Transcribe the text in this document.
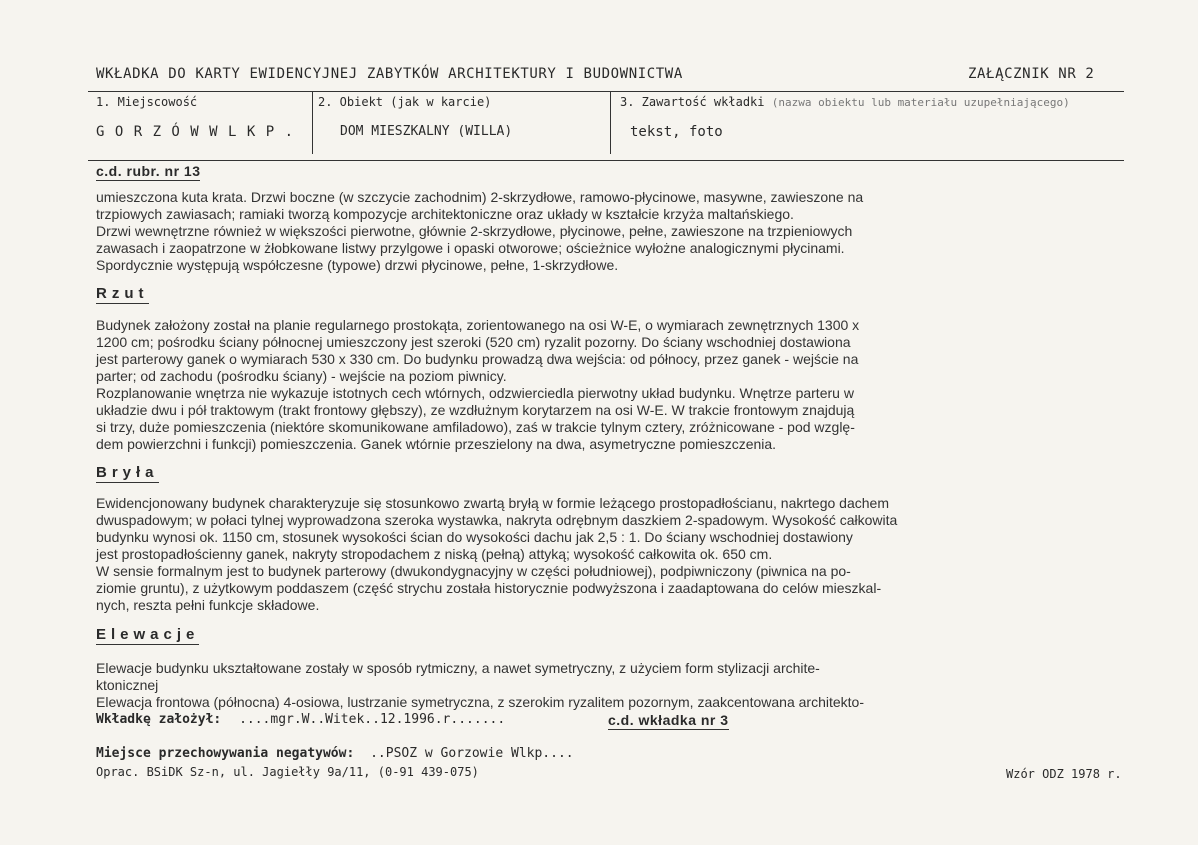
WKŁADKA DO KARTY EWIDENCYJNEJ ZABYTKÓW ARCHITEKTURY I BUDOWNICTWA	ZAŁĄCZNIK NR 2
1. Miejscowość
G O R Z Ó W W L K P .
2. Obiekt (jak w karcie)
DOM MIESZKALNY (WILLA)
3. Zawartość wkładki (nazwa obiektu lub materiału uzupełniającego)
tekst, foto
c.d. rubr. nr 13
umieszczona kuta krata. Drzwi boczne (w szczycie zachodnim) 2-skrzydłowe, ramowo-płycinowe, masywne, zawieszone na
trzpiowych zawiasach; ramiaki tworzą kompozycje architektoniczne oraz układy w kształcie krzyża maltańskiego.
Drzwi wewnętrzne również w większości pierwotne, głównie 2-skrzydłowe, płycinowe, pełne, zawieszone na trzpieniowych
zawasach i zaopatrzone w żłobkowane listwy przylgowe i opaski otworowe; ościeżnice wyłożne analogicznymi płycinami.
Spordycznie występują współczesne (typowe) drzwi płycinowe, pełne, 1-skrzydłowe.
Rzut
Budynek założony został na planie regularnego prostokąta, zorientowanego na osi W-E, o wymiarach zewnętrznych 1300 x
1200 cm; pośrodku ściany północnej umieszczony jest szeroki (520 cm) ryzalit pozorny. Do ściany wschodniej dostawiona
jest parterowy ganek o wymiarach 530 x 330 cm. Do budynku prowadzą dwa wejścia: od północy, przez ganek - wejście na
parter; od zachodu (pośrodku ściany) - wejście na poziom piwnicy.
Rozplanowanie wnętrza nie wykazuje istotnych cech wtórnych, odzwierciedla pierwotny układ budynku. Wnętrze parteru w
układzie dwu i pół traktowym (trakt frontowy głębszy), ze wzdłużnym korytarzem na osi W-E. W trakcie frontowym znajdują
si trzy, duże pomieszczenia (niektóre skomunikowane amfiladowo), zaś w trakcie tylnym cztery, zróżnicowane - pod wzglę-
dem powierzchni i funkcji) pomieszczenia. Ganek wtórnie przeszielony na dwa, asymetryczne pomieszczenia.
Bryła
Ewidencjonowany budynek charakteryzuje się stosunkowo zwartą bryłą w formie leżącego prostopadłościanu, nakrtego dachem
dwuspadowym; w połaci tylnej wyprowadzona szeroka wystawka, nakryta odrębnym daszkiem 2-spadowym. Wysokość całkowita
budynku wynosi ok. 1150 cm, stosunek wysokości ścian do wysokości dachu jak 2,5 : 1. Do ściany wschodniej dostawiony
jest prostopadłościenny ganek, nakryty stropodachem z niską (pełną) attyką; wysokość całkowita ok. 650 cm.
W sensie formalnym jest to budynek parterowy (dwukondygnacyjny w części południowej), podpiwniczony (piwnica na po-
ziomie gruntu), z użytkowym poddaszem (część strychu została historycznie podwyższona i zaadaptowana do celów mieszkal-
nych, reszta pełni funkcje składowe.
Elewacje
Elewacje budynku ukształtowane zostały w sposób rytmiczny, a nawet symetryczny, z użyciem form stylizacji archite-
ktonicznej
Elewacja frontowa (północna) 4-osiowa, lustrzanie symetryczna, z szerokim ryzalitem pozornym, zaakcentowana architekto-
Wkładkę założył: ....mgr.W..Witek..12.1996.r.......	c.d. wkładka nr 3
Miejsce przechowywania negatywów: ..PSOZ w Gorzowie Wlkp....
Oprac. BSiDK Sz-n, ul. Jagiełły 9a/11, (0-91 439-075)	Wzór ODZ 1978 r.
